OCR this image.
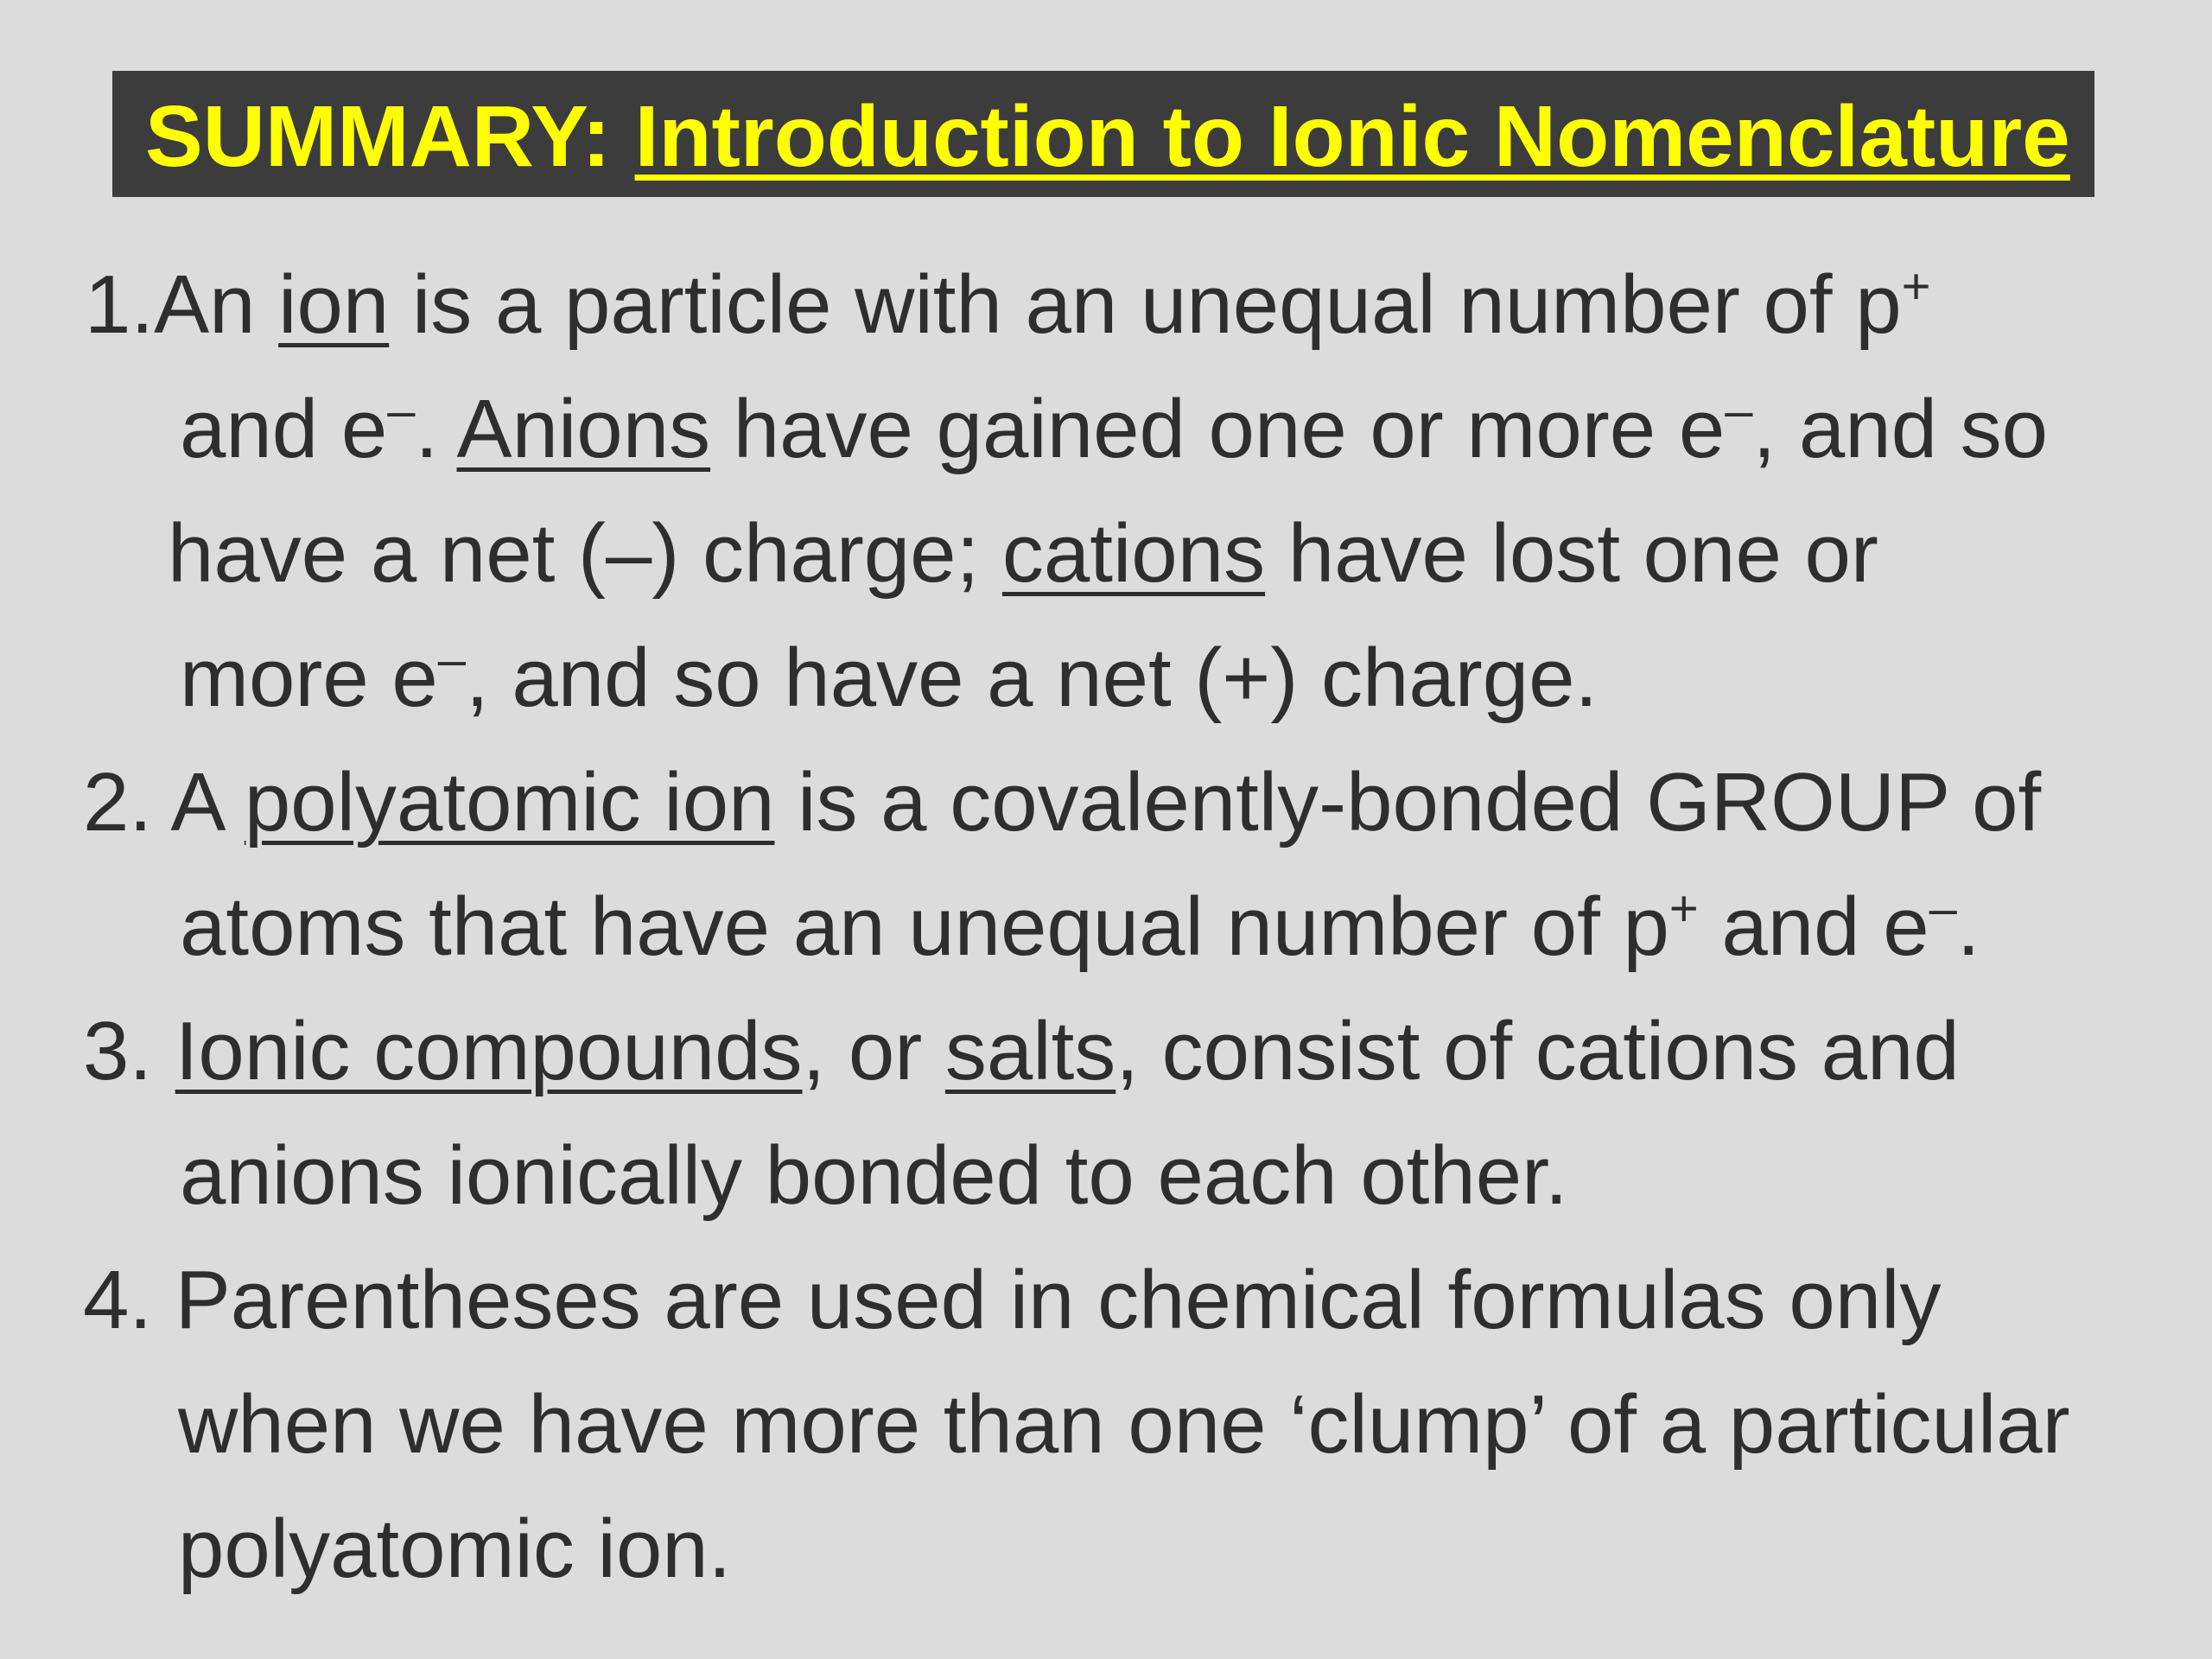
SUMMARY: Introduction to Ionic Nomenclature
1.An ion is a particle with an unequal number of p+
and e–. Anions have gained one or more e–, and so
have a net (–) charge; cations have lost one or
more e–, and so have a net (+) charge.
2. A polyatomic ion is a covalently-bonded GROUP of
atoms that have an unequal number of p+ and e–.
3. Ionic compounds, or salts, consist of cations and
anions ionically bonded to each other.
4. Parentheses are used in chemical formulas only
when we have more than one ‘clump’ of a particular
polyatomic ion.
